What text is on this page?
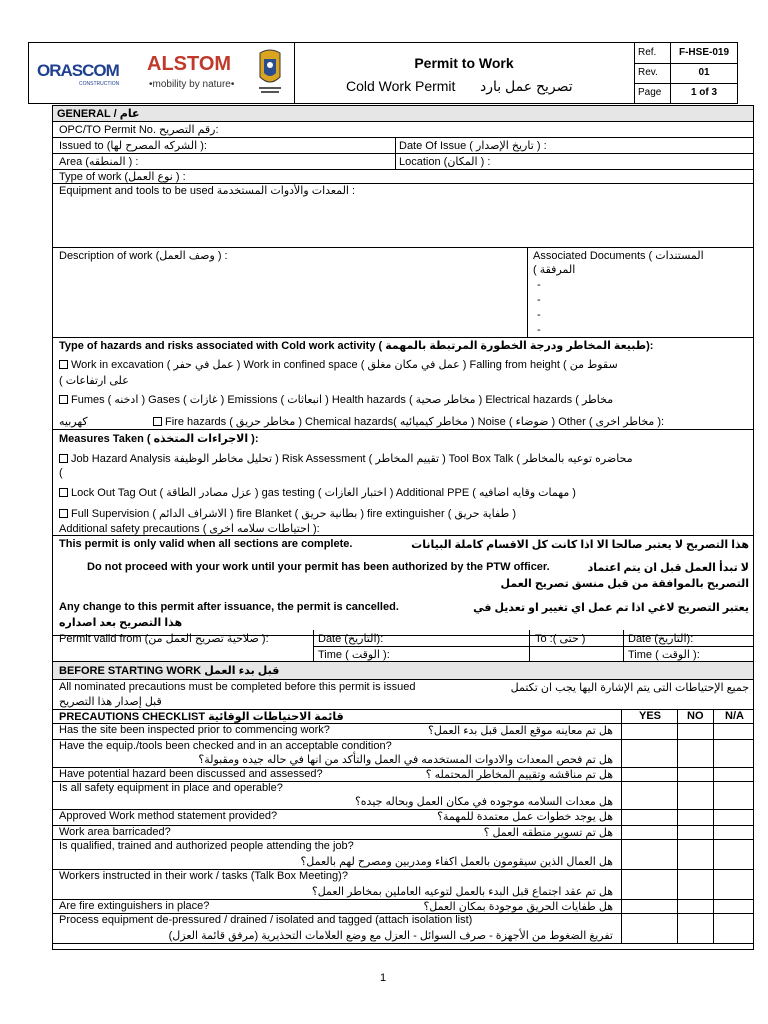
ORASCOM
CONSTRUCTION
ALSTOM
•mobility by nature•
Permit to Work
Cold Work Permit تصريح عمل بارد
Ref.	F-HSE-019
Rev.	01
Page	1 of 3
GENERAL / عام
OPC/TO Permit No. رقم التصريح:
Issued to (الشركه المصرح لها ):	Date Of Issue ( تاريخ الإصدار ) :
Area (المنطقه ) :	Location (المكان ) :
Type of work (نوع العمل ) :
Equipment and tools to be used المعدات والأدوات المستخدمة :
Description of work (وصف العمل ) :	Associated Documents ( المستندات
المرفقة )
-
-
-
-
Type of hazards and risks associated with Cold work activity ( طبيعة المخاطر ودرجة الخطورة المرتبطة بالمهمة):
Work in excavation ( عمل في حفر ) Work in confined space ( عمل في مكان مغلق ) Falling from height ( سقوط من
على ارتفاعات )
Fumes ( ادخنه ) Gases ( غازات ) Emissions ( انبعاثات ) Health hazards ( مخاطر صحية ) Electrical hazards ( مخاطر
كهربيه	Fire hazards ( مخاطر حريق ) Chemical hazards( مخاطر كيميائيه ) Noise ( ضوضاء ) Other ( مخاطر اخرى ):
Measures Taken ( الاجراءات المتخذه ):
Job Hazard Analysis تحليل مخاطر الوظيفة ) Risk Assessment ( تقييم المخاطر ) Tool Box Talk ( محاضره توعيه بالمخاطر
(
Lock Out Tag Out ( عزل مصادر الطاقة ) gas testing ( اختبار الغازات ) Additional PPE ( مهمات وقايه اضافيه )
Full Supervision ( الاشراف الدائم ) fire Blanket ( بطانية حريق ) fire extinguisher ( طفاية حريق )
Additional safety precautions ( احتياطات سلامه اخرى ):
This permit is only valid when all sections are complete.	هذا التصريح لا يعتبر صالحا الا اذا كانت كل الاقسام كاملة البيانات
Do not proceed with your work until your permit has been authorized by the PTW officer.	لا تبدأ العمل قبل ان يتم اعتماد
التصريح بالموافقة من قبل منسق تصريح العمل
Any change to this permit after issuance, the permit is cancelled.	يعتبر التصريح لاغي اذا تم عمل اي تغيير او تعديل في
هذا التصريح بعد اصداره
Permit valid from (صلاحية تصريح العمل من ):	Date (التاريخ):
Time ( الوقت ):
To :( حتى )	Date (التاريخ):
Time ( الوقت ):
BEFORE STARTING WORK قبل بدء العمل
All nominated precautions must be completed before this permit is issued	جميع الإحتياطات التى يتم الإشارة اليها يجب ان تكتمل
قبل إصدار هذا التصريح
PRECAUTIONS CHECKLIST قائمة الاحتياطات الوقائية	YES NO N/A
Has the site been inspected prior to commencing work?	هل تم معاينه موقع العمل قبل بدء العمل؟
Have the equip./tools been checked and in an acceptable condition?
هل تم فحص المعدات والادوات المستخدمه في العمل والتأكد من انها في حاله جيده ومقبولة؟
Have potential hazard been discussed and assessed?	هل تم مناقشه وتقييم المخاطر المحتمله ؟
Is all safety equipment in place and operable?
هل معدات السلامه موجوده في مكان العمل وبحاله جيده؟
Approved Work method statement provided?	هل يوجد خطوات عمل معتمدة للمهمة؟
Work area barricaded?	هل تم تسوير منطقه العمل ؟
Is qualified, trained and authorized people attending the job?
هل العمال الذين سيقومون بالعمل اكفاء ومدربين ومصرح لهم بالعمل؟
Workers instructed in their work / tasks (Talk Box Meeting)?
هل تم عقد اجتماع قبل البدء بالعمل لتوعيه العاملين بمخاطر العمل؟
Are fire extinguishers in place?	هل طفايات الحريق موجودة بمكان العمل؟
Process equipment de-pressured / drained / isolated and tagged (attach isolation list)
تفريغ الضغوط من الأجهزة - صرف السوائل - العزل مع وضع العلامات التحذيرية (مرفق قائمة العزل)
1
